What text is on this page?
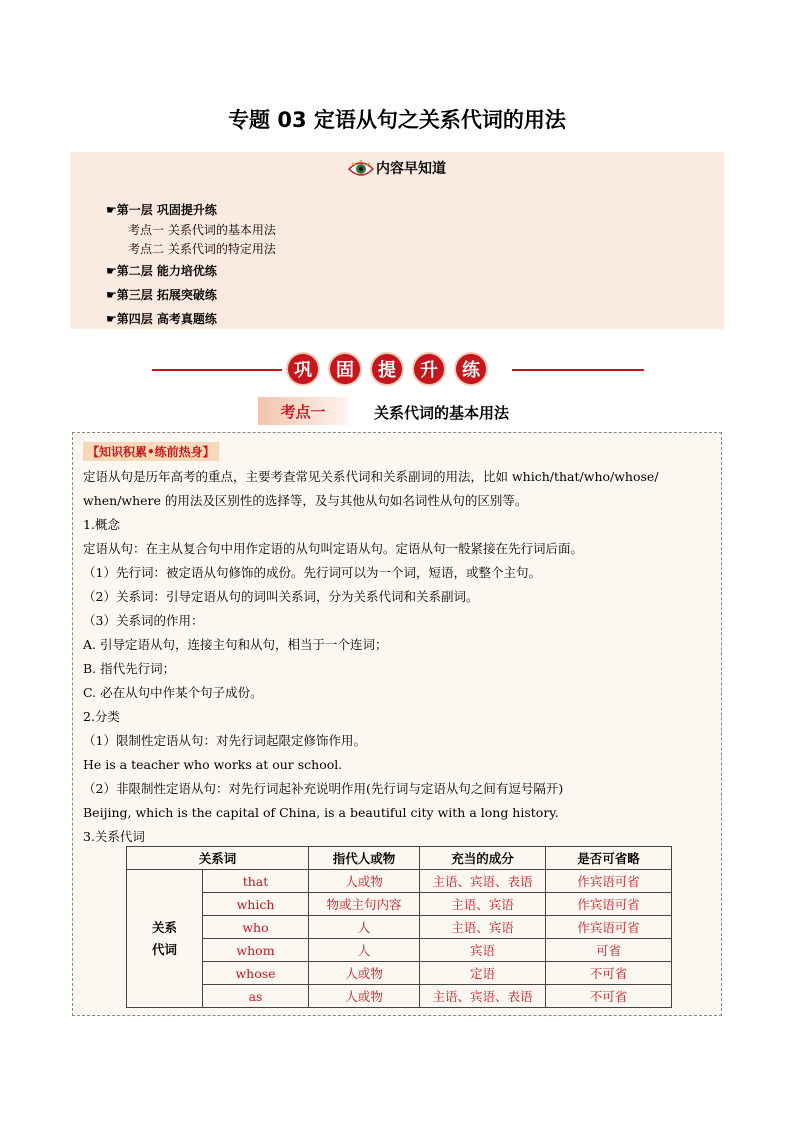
专题 03 定语从句之关系代词的用法
内容早知道
☛第一层 巩固提升练
考点一 关系代词的基本用法
考点二 关系代词的特定用法
☛第二层 能力培优练
☛第三层 拓展突破练
☛第四层 高考真题练
巩	固	提	升	练
考点一	关系代词的基本用法
【知识积累•练前热身】
定语从句是历年高考的重点，主要考查常见关系代词和关系副词的用法，比如 which/that/who/whose/
when/where 的用法及区别性的选择等，及与其他从句如名词性从句的区别等。
1.概念
定语从句：在主从复合句中用作定语的从句叫定语从句。定语从句一般紧接在先行词后面。
（1）先行词：被定语从句修饰的成份。先行词可以为一个词，短语，或整个主句。
（2）关系词：引导定语从句的词叫关系词，分为关系代词和关系副词。
（3）关系词的作用：
A. 引导定语从句，连接主句和从句，相当于一个连词；
B. 指代先行词；
C. 必在从句中作某个句子成份。
2.分类
（1）限制性定语从句：对先行词起限定修饰作用。
He is a teacher who works at our school.
（2）非限制性定语从句：对先行词起补充说明作用(先行词与定语从句之间有逗号隔开)
Beijing, which is the capital of China, is a beautiful city with a long history.
3.关系代词
关系词		指代人或物	充当的成分	是否可省略
关系
代词	that	人或物	主语、宾语、表语	作宾语可省
	which	物或主句内容	主语、宾语	作宾语可省
	who	人	主语、宾语	作宾语可省
	whom	人	宾语	可省
	whose	人或物	定语	不可省
	as	人或物	主语、宾语、表语	不可省
